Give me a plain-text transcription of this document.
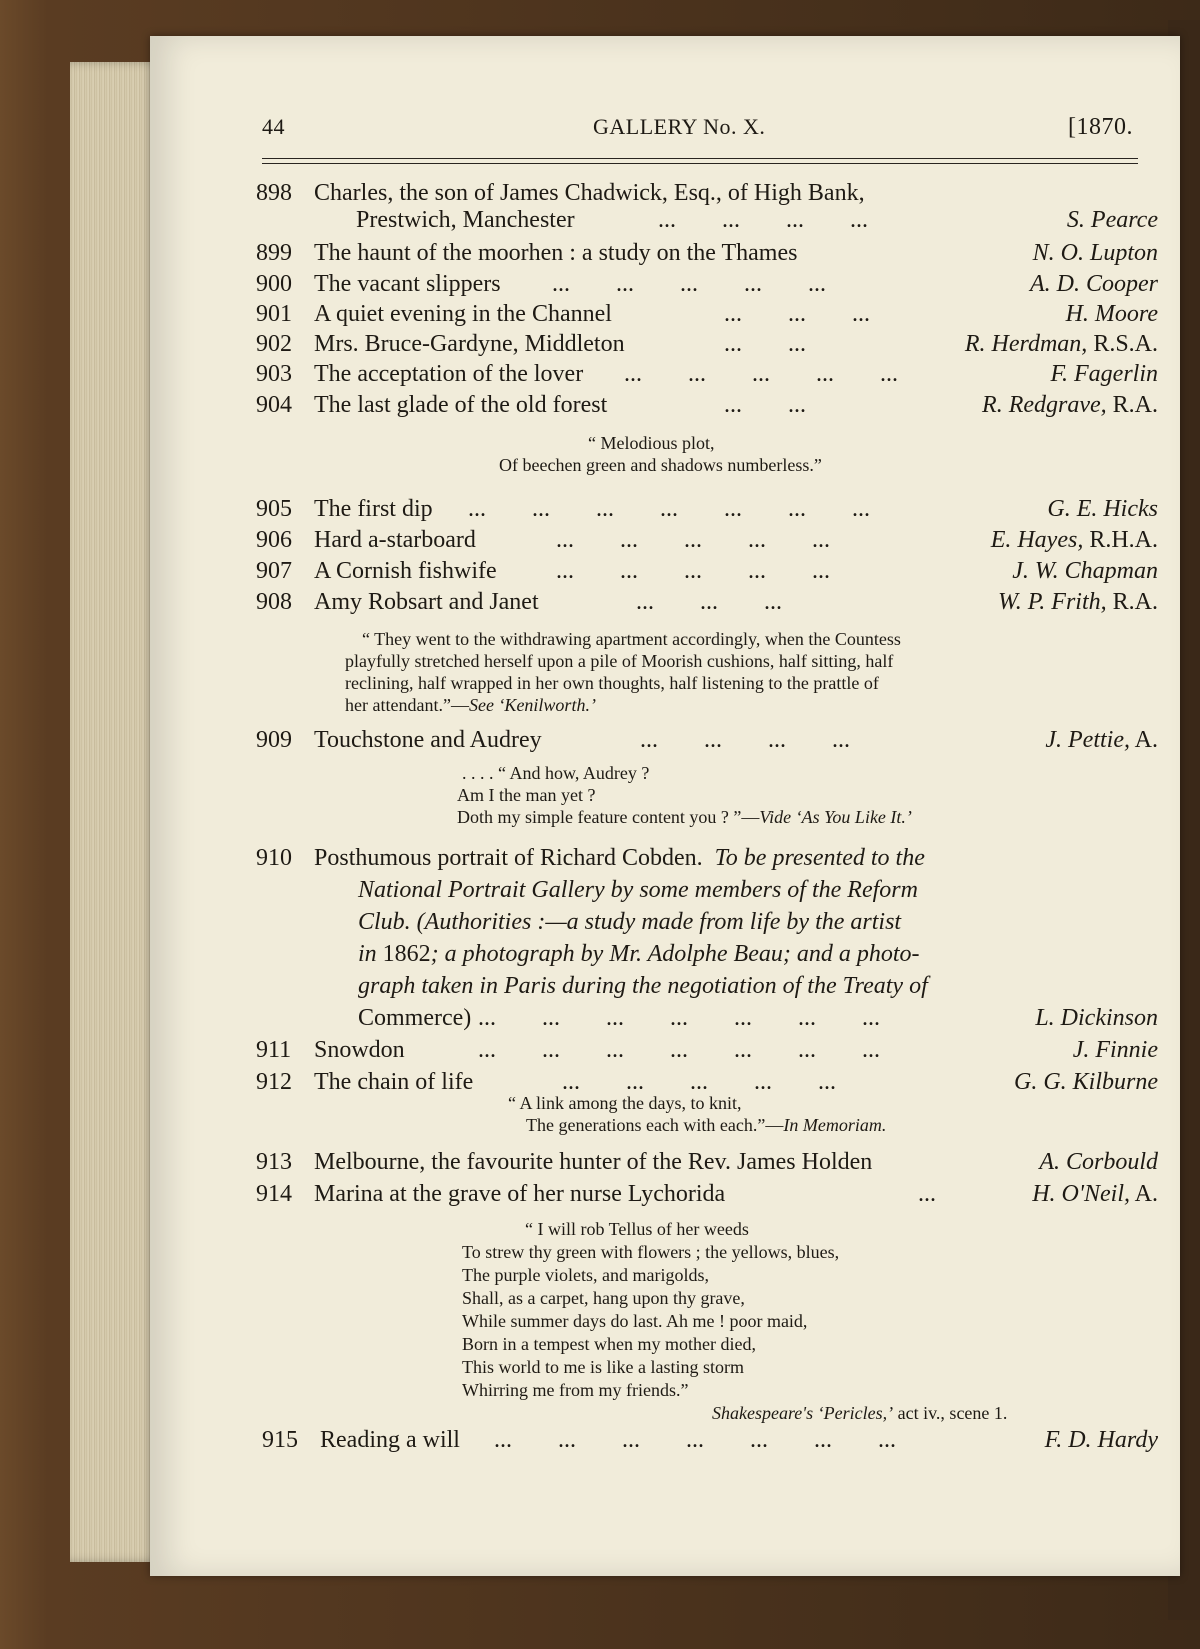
44	GALLERY No. X.	[1870.
898 Charles, the son of James Chadwick, Esq., of High Bank,
Prestwich, Manchester	... ... ... ...	S. Pearce
899 The haunt of the moorhen : a study on the Thames	N. O. Lupton
900 The vacant slippers ... ... ... ... ...	A. D. Cooper
901 A quiet evening in the Channel	... ... ...	H. Moore
902 Mrs. Bruce-Gardyne, Middleton	... ...	R. Herdman, R.S.A.
903 The acceptation of the lover ... ... ... ... ...	F. Fagerlin
904 The last glade of the old forest	... ...	R. Redgrave, R.A.
“ Melodious plot,
Of beechen green and shadows numberless.”
905 The first dip ... ... ... ... ... ... ...	G. E. Hicks
906 Hard a-starboard	... ... ... ... ...	E. Hayes, R.H.A.
907 A Cornish fishwife ... ... ... ... ...	J. W. Chapman
908 Amy Robsart and Janet	... ... ...	W. P. Frith, R.A.
“ They went to the withdrawing apartment accordingly, when the Countess
playfully stretched herself upon a pile of Moorish cushions, half sitting, half
reclining, half wrapped in her own thoughts, half listening to the prattle of
her attendant.”—See ‘Kenilworth.’
909 Touchstone and Audrey	... ... ... ...	J. Pettie, A.
. . . . “ And how, Audrey ?
Am I the man yet ?
Doth my simple feature content you ? ”—Vide ‘As You Like It.’
910 Posthumous portrait of Richard Cobden. To be presented to the
National Portrait Gallery by some members of the Reform
Club. (Authorities :—a study made from life by the artist
in 1862; a photograph by Mr. Adolphe Beau; and a photo-
graph taken in Paris during the negotiation of the Treaty of
Commerce) ... ... ... ... ... ... ...	L. Dickinson
911 Snowdon	... ... ... ... ... ... ...	J. Finnie
912 The chain of life	... ... ... ... ...	G. G. Kilburne
“ A link among the days, to knit,
The generations each with each.”—In Memoriam.
913 Melbourne, the favourite hunter of the Rev. James Holden	A. Corbould
914 Marina at the grave of her nurse Lychorida	...	H. O'Neil, A.
“ I will rob Tellus of her weeds
To strew thy green with flowers ; the yellows, blues,
The purple violets, and marigolds,
Shall, as a carpet, hang upon thy grave,
While summer days do last. Ah me ! poor maid,
Born in a tempest when my mother died,
This world to me is like a lasting storm
Whirring me from my friends.”
Shakespeare's ‘Pericles,’ act iv., scene 1.
915 Reading a will ... ... ... ... ... ... ...	F. D. Hardy
